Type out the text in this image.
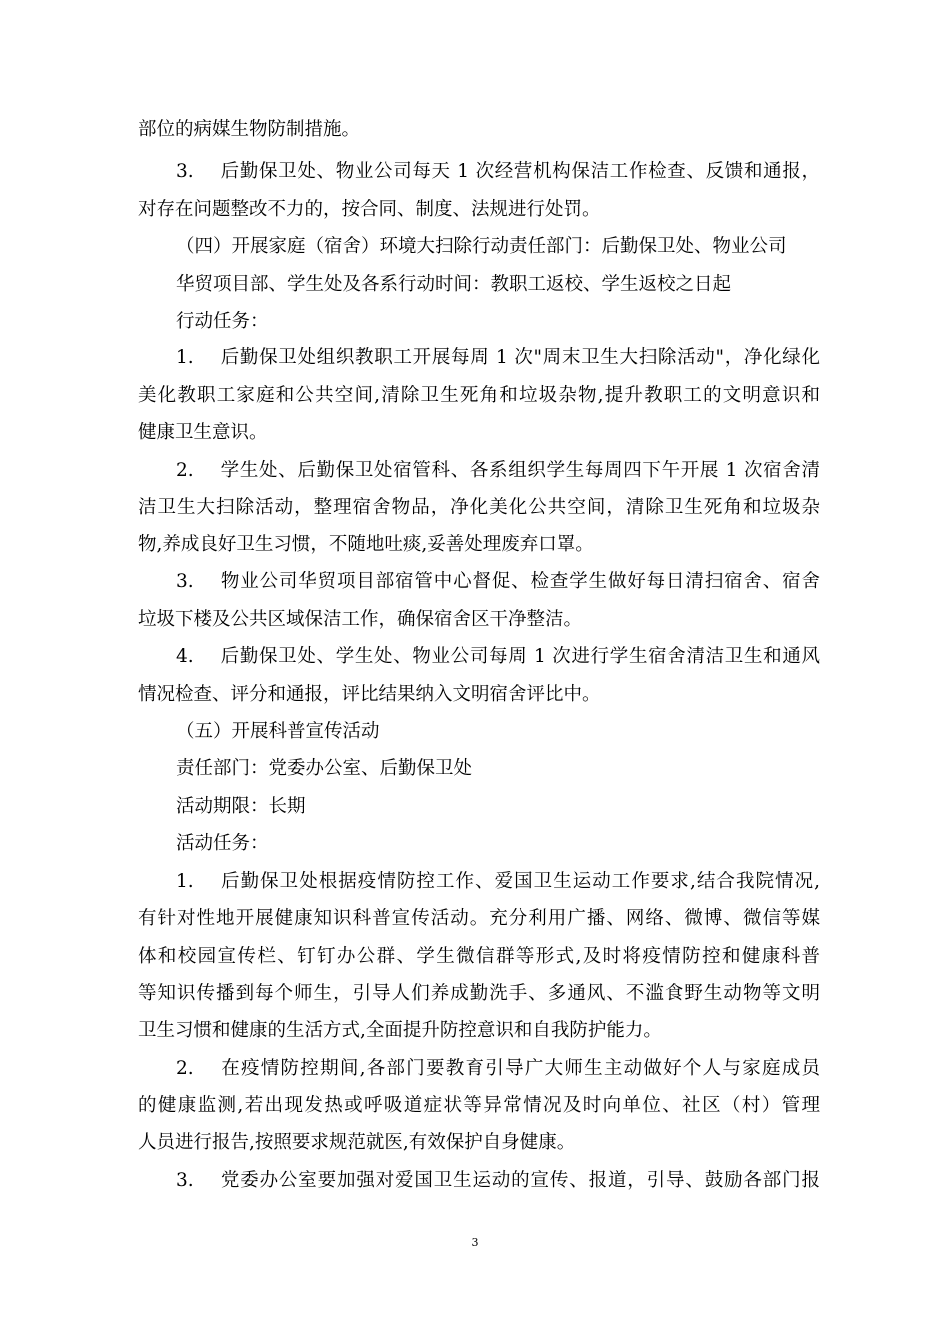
部位的病媒生物防制措施。

3. 后勤保卫处、物业公司每天 1 次经营机构保洁工作检查、反馈和通报，

对存在问题整改不力的，按合同、制度、法规进行处罚。

（四）开展家庭（宿舍）环境大扫除行动责任部门：后勤保卫处、物业公司

华贸项目部、学生处及各系行动时间：教职工返校、学生返校之日起

行动任务：

1. 后勤保卫处组织教职工开展每周 1 次"周末卫生大扫除活动"，净化绿化

美化教职工家庭和公共空间,清除卫生死角和垃圾杂物,提升教职工的文明意识和

健康卫生意识。

2. 学生处、后勤保卫处宿管科、各系组织学生每周四下午开展 1 次宿舍清

洁卫生大扫除活动，整理宿舍物品，净化美化公共空间，清除卫生死角和垃圾杂

物,养成良好卫生习惯，不随地吐痰,妥善处理废弃口罩。

3. 物业公司华贸项目部宿管中心督促、检查学生做好每日清扫宿舍、宿舍

垃圾下楼及公共区域保洁工作，确保宿舍区干净整洁。

4. 后勤保卫处、学生处、物业公司每周 1 次进行学生宿舍清洁卫生和通风

情况检查、评分和通报，评比结果纳入文明宿舍评比中。

（五）开展科普宣传活动

责任部门：党委办公室、后勤保卫处

活动期限：长期

活动任务：

1. 后勤保卫处根据疫情防控工作、爱国卫生运动工作要求,结合我院情况,

有针对性地开展健康知识科普宣传活动。充分利用广播、网络、微博、微信等媒

体和校园宣传栏、钉钉办公群、学生微信群等形式,及时将疫情防控和健康科普

等知识传播到每个师生，引导人们养成勤洗手、多通风、不滥食野生动物等文明

卫生习惯和健康的生活方式,全面提升防控意识和自我防护能力。

2. 在疫情防控期间,各部门要教育引导广大师生主动做好个人与家庭成员

的健康监测,若出现发热或呼吸道症状等异常情况及时向单位、社区（村）管理

人员进行报告,按照要求规范就医,有效保护自身健康。

3. 党委办公室要加强对爱国卫生运动的宣传、报道，引导、鼓励各部门报

3
